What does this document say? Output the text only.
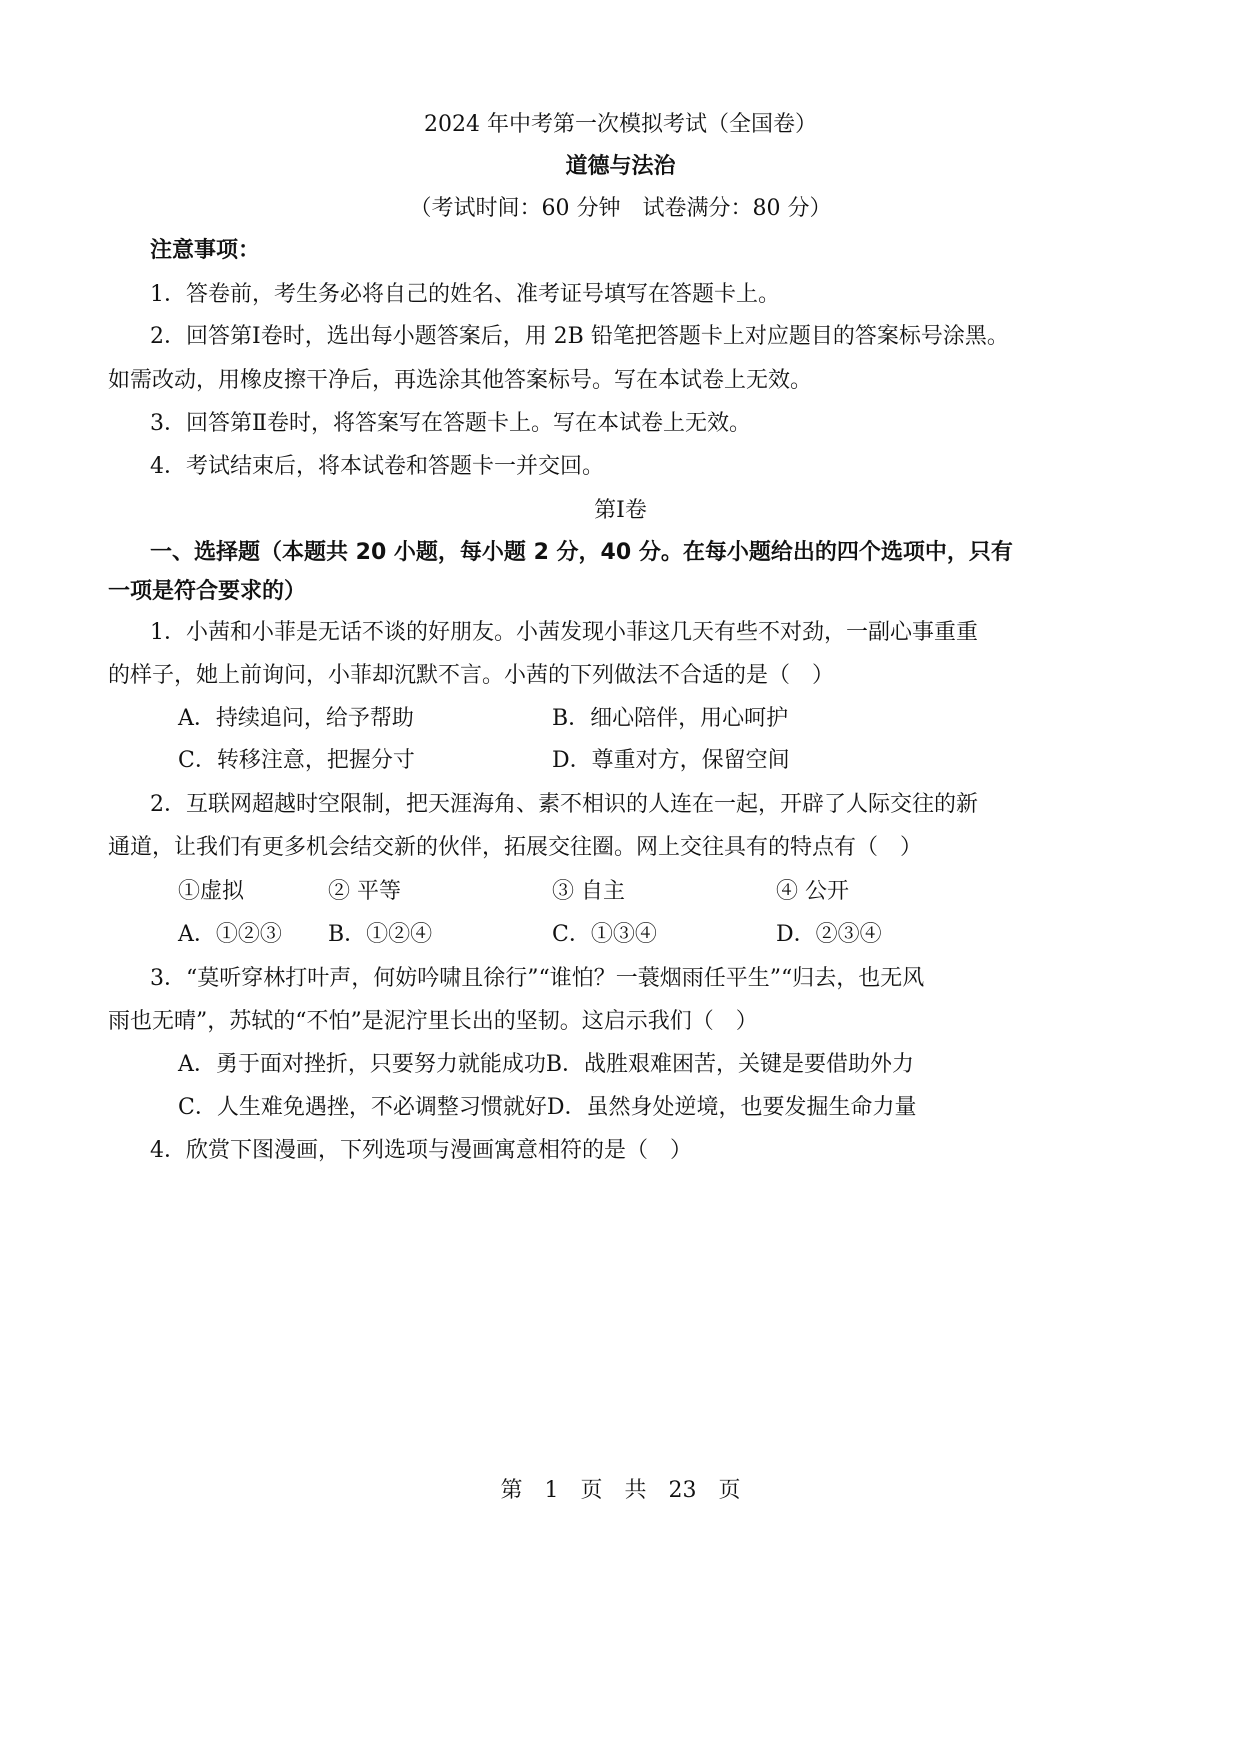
2024 年中考第一次模拟考试（全国卷）
道德与法治
（考试时间：60 分钟　试卷满分：80 分）
注意事项：
1．答卷前，考生务必将自己的姓名、准考证号填写在答题卡上。
2．回答第Ⅰ卷时，选出每小题答案后，用 2B 铅笔把答题卡上对应题目的答案标号涂黑。
如需改动，用橡皮擦干净后，再选涂其他答案标号。写在本试卷上无效。
3．回答第Ⅱ卷时，将答案写在答题卡上。写在本试卷上无效。
4．考试结束后，将本试卷和答题卡一并交回。
第Ⅰ卷
一、选择题（本题共 20 小题，每小题 2 分，40 分。在每小题给出的四个选项中，只有
一项是符合要求的）
1．小茜和小菲是无话不谈的好朋友。小茜发现小菲这几天有些不对劲，一副心事重重
的样子，她上前询问，小菲却沉默不言。小茜的下列做法不合适的是（　）
A．持续追问，给予帮助	B．细心陪伴，用心呵护
C．转移注意，把握分寸	D．尊重对方，保留空间
2．互联网超越时空限制，把天涯海角、素不相识的人连在一起，开辟了人际交往的新
通道，让我们有更多机会结交新的伙伴，拓展交往圈。网上交往具有的特点有（　）
①虚拟	② 平等	③ 自主	④ 公开
A．①②③ B．①②④	C．①③④	D．②③④
3．“莫听穿林打叶声，何妨吟啸且徐行”“谁怕？一蓑烟雨任平生”“归去，也无风
雨也无晴”，苏轼的“不怕”是泥泞里长出的坚韧。这启示我们（　）
A．勇于面对挫折，只要努力就能成功B．战胜艰难困苦，关键是要借助外力
C．人生难免遇挫，不必调整习惯就好D．虽然身处逆境，也要发掘生命力量
4．欣赏下图漫画，下列选项与漫画寓意相符的是（　）
第　1　页　共　23　页
